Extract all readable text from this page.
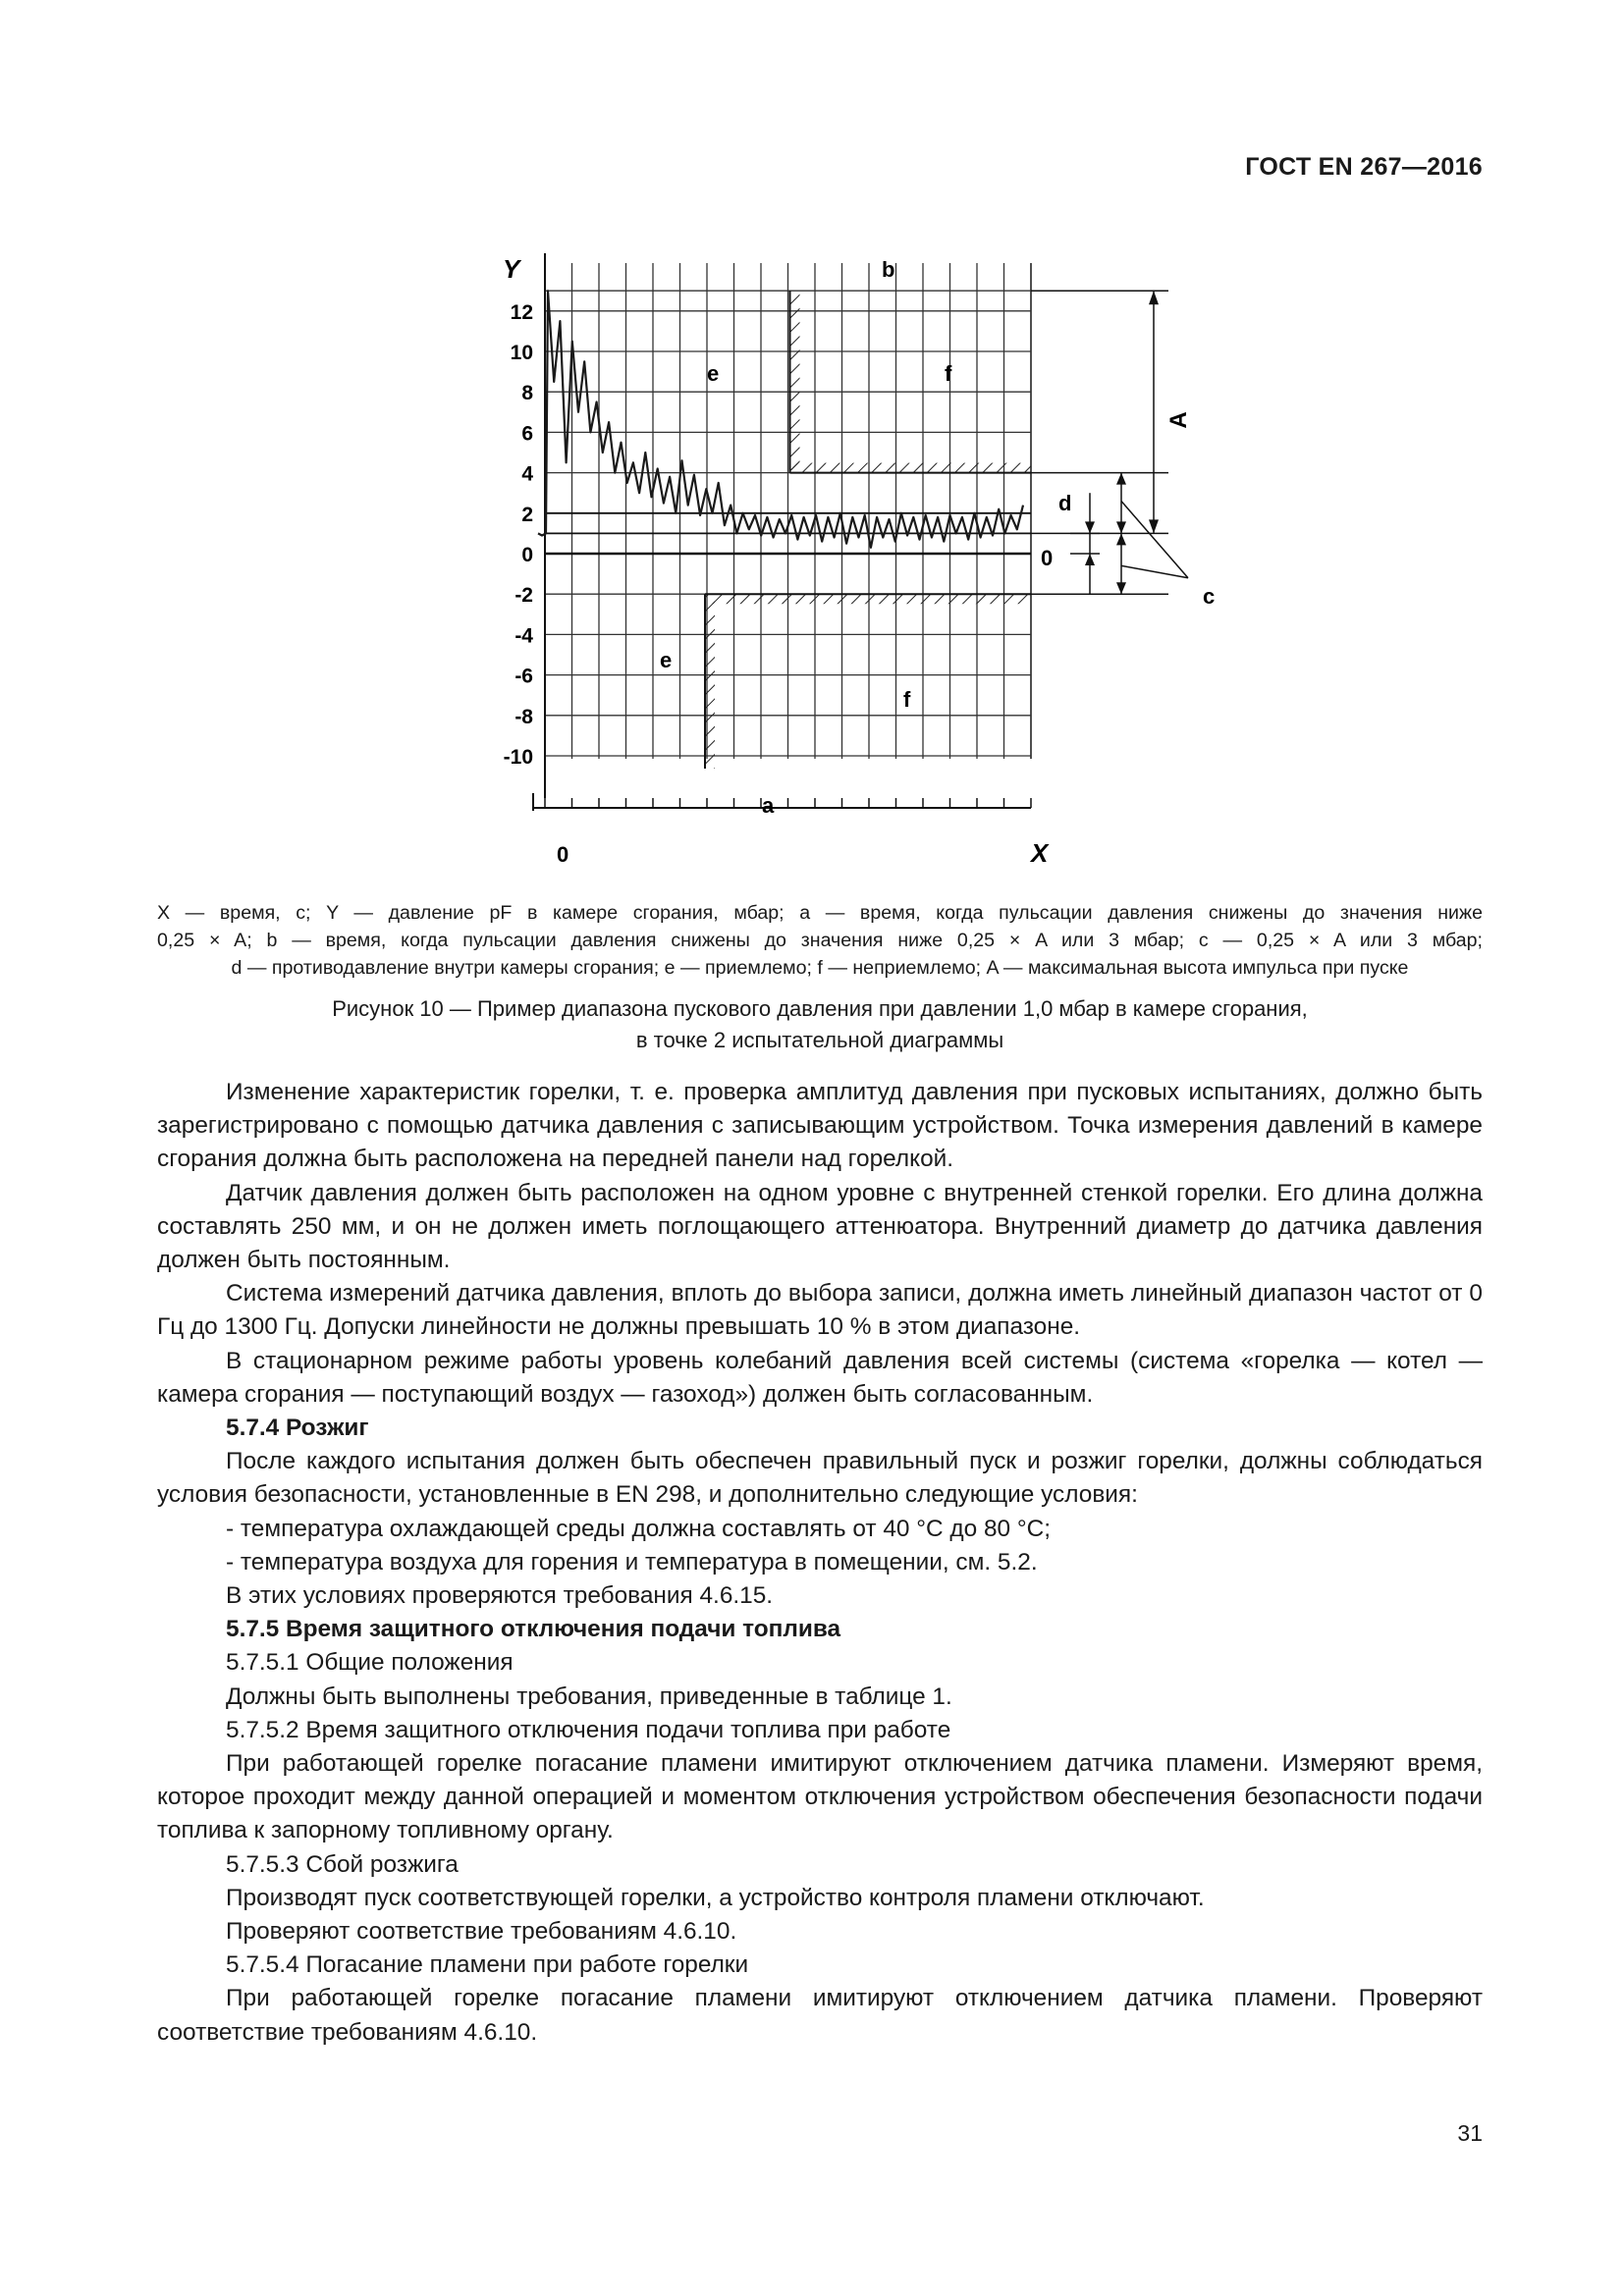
ГОСТ EN 267—2016
12
10
8
6
4
2
0
-2
-4
-6
-8
-10
Y
X
0
b
e	f
e
f
a
d
0
c
A

X — время, с; Y — давление pF в камере сгорания, мбар; a — время, когда пульсации давления снижены до значения ниже

0,25 × A; b — время, когда пульсации давления снижены до значения ниже 0,25 × A или 3 мбар; c — 0,25 × A или 3 мбар;

d — противодавление внутри камеры сгорания; e — приемлемо; f — неприемлемо; A — максимальная высота импульса при пуске

Рисунок 10 — Пример диапазона пускового давления при давлении 1,0 мбар в камере сгорания,

в точке 2 испытательной диаграммы

Изменение характеристик горелки, т. е. проверка амплитуд давления при пусковых испытаниях, должно быть зарегистрировано с помощью датчика давления с записывающим устройством. Точка измерения давлений в камере сгорания должна быть расположена на передней панели над горелкой.

Датчик давления должен быть расположен на одном уровне с внутренней стенкой горелки. Его длина должна составлять 250 мм, и он не должен иметь поглощающего аттенюатора. Внутренний диаметр до датчика давления должен быть постоянным.

Система измерений датчика давления, вплоть до выбора записи, должна иметь линейный диапазон частот от 0 Гц до 1300 Гц. Допуски линейности не должны превышать 10 % в этом диапазоне.

В стационарном режиме работы уровень колебаний давления всей системы (система «горелка — котел — камера сгорания — поступающий воздух — газоход») должен быть согласованным.

5.7.4 Розжиг

После каждого испытания должен быть обеспечен правильный пуск и розжиг горелки, должны соблюдаться условия безопасности, установленные в EN 298, и дополнительно следующие условия:

- температура охлаждающей среды должна составлять от 40 °C до 80 °C;

- температура воздуха для горения и температура в помещении, см. 5.2.

В этих условиях проверяются требования 4.6.15.

5.7.5 Время защитного отключения подачи топлива

5.7.5.1 Общие положения

Должны быть выполнены требования, приведенные в таблице 1.

5.7.5.2 Время защитного отключения подачи топлива при работе

При работающей горелке погасание пламени имитируют отключением датчика пламени. Измеряют время, которое проходит между данной операцией и моментом отключения устройством обеспечения безопасности подачи топлива к запорному топливному органу.

5.7.5.3 Сбой розжига

Производят пуск соответствующей горелки, а устройство контроля пламени отключают.

Проверяют соответствие требованиям 4.6.10.

5.7.5.4 Погасание пламени при работе горелки

При работающей горелке погасание пламени имитируют отключением датчика пламени. Проверяют соответствие требованиям 4.6.10.

31
